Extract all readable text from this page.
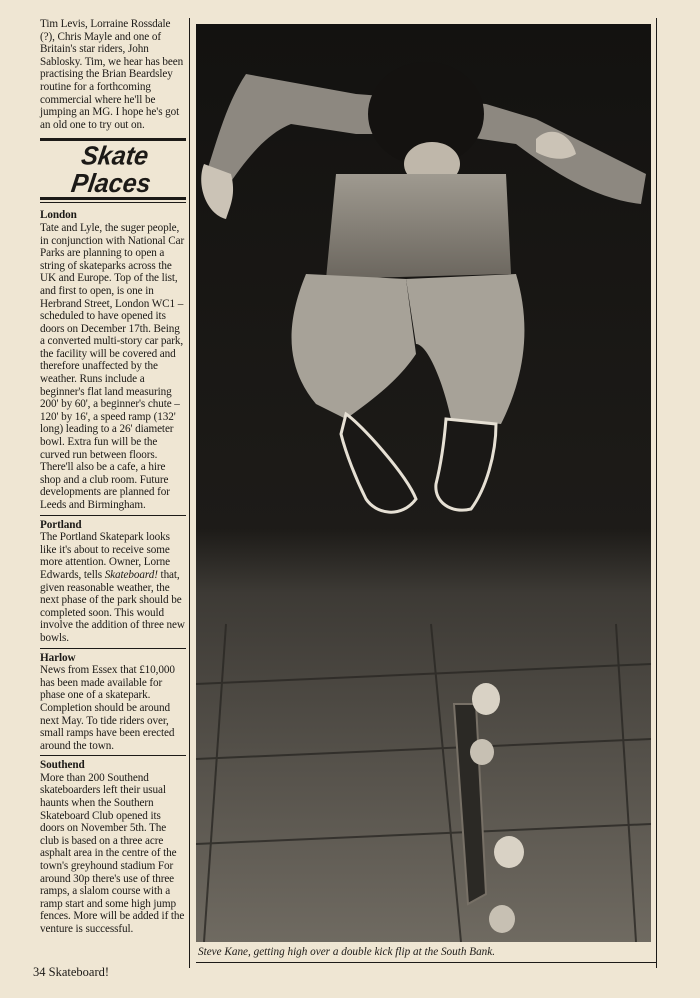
Tim Levis, Lorraine Rossdale (?), Chris Mayle and one of Britain's star riders, John Sablosky. Tim, we hear has been practising the Brian Beardsley routine for a forthcoming commercial where he'll be jumping an MG. I hope he's got an old one to try out on.

Skate Places

London

Tate and Lyle, the suger people, in conjunction with National Car Parks are planning to open a string of skateparks across the UK and Europe. Top of the list, and first to open, is one in Herbrand Street, London WC1 – scheduled to have opened its doors on December 17th. Being a converted multi-story car park, the facility will be covered and therefore unaffected by the weather. Runs include a beginner's flat land measuring 200' by 60', a beginner's chute – 120' by 16', a speed ramp (132' long) leading to a 26' diameter bowl. Extra fun will be the curved run between floors. There'll also be a cafe, a hire shop and a club room. Future developments are planned for Leeds and Birmingham.

Portland

The Portland Skatepark looks like it's about to receive some more attention. Owner, Lorne Edwards, tells Skateboard! that, given reasonable weather, the next phase of the park should be completed soon. This would involve the addition of three new bowls.

Harlow

News from Essex that £10,000 has been made available for phase one of a skatepark. Completion should be around next May. To tide riders over, small ramps have been erected around the town.

Southend

More than 200 Southend skateboarders left their usual haunts when the Southern Skateboard Club opened its doors on November 5th. The club is based on a three acre asphalt area in the centre of the town's greyhound stadium For around 30p there's use of three ramps, a slalom course with a ramp start and some high jump fences. More will be added if the venture is successful.

Steve Kane, getting high over a double kick flip at the South Bank.
34 Skateboard!
